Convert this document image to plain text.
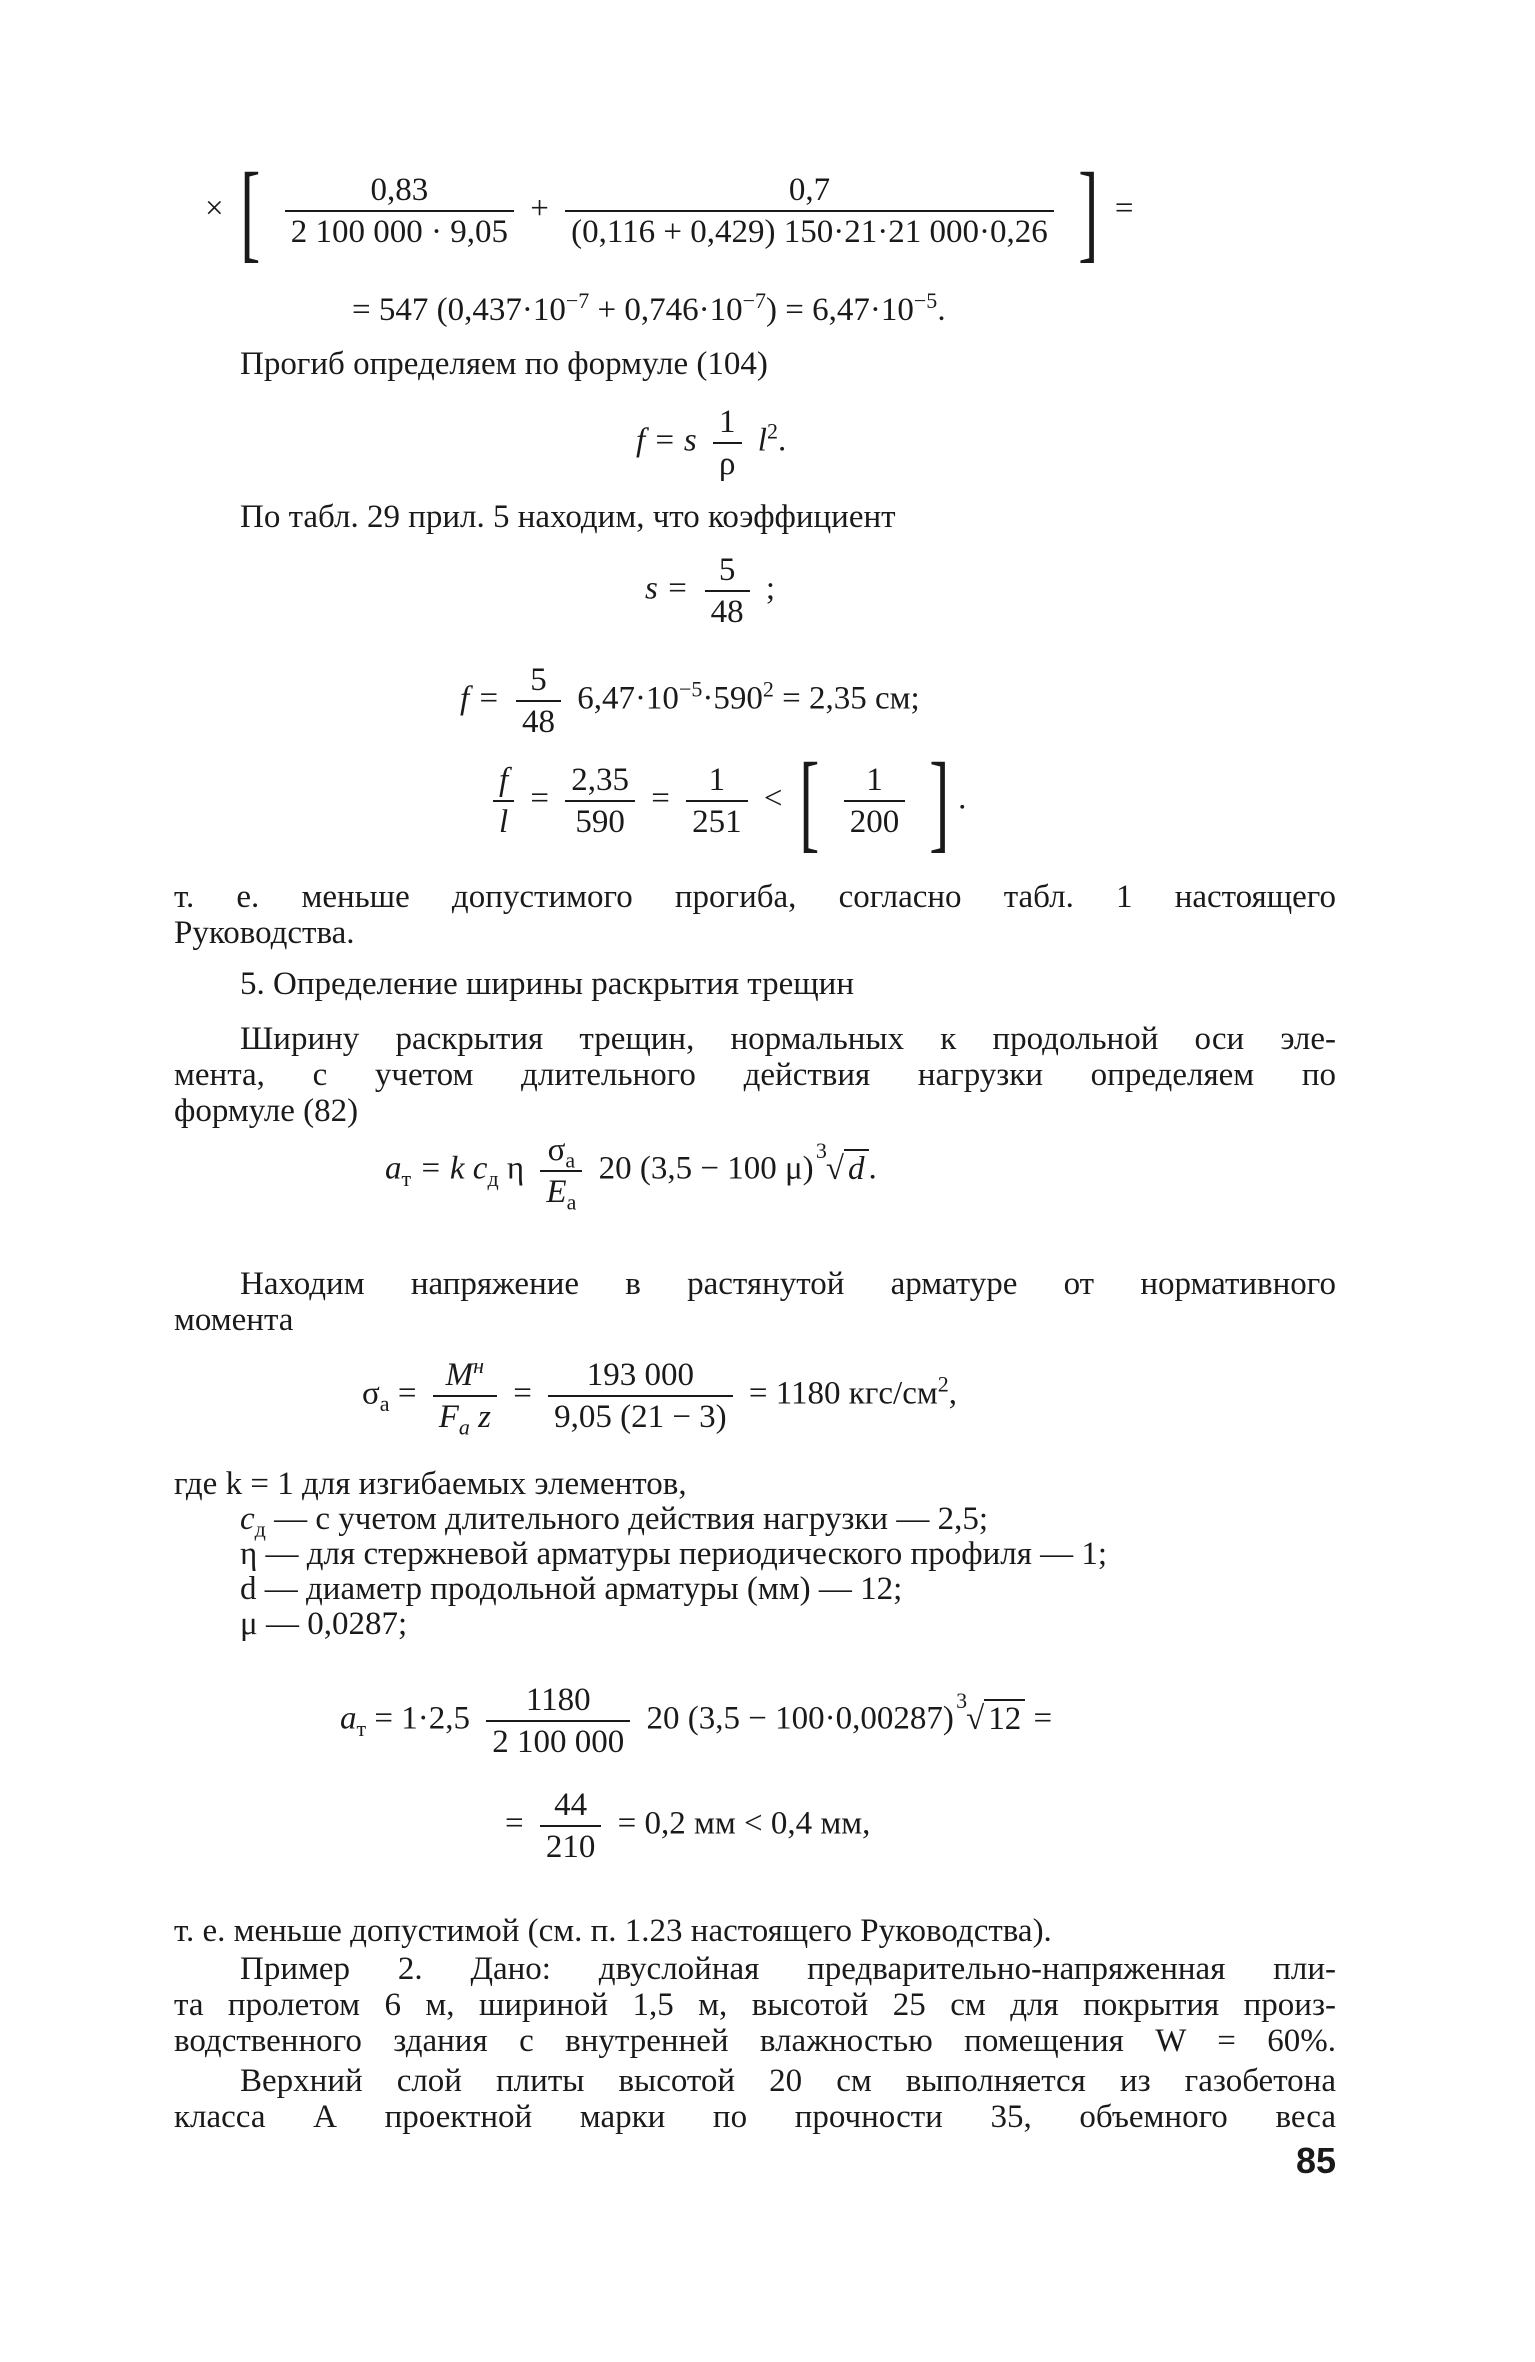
× [ $\frac{0,83}{2 100 000 \cdot 9,05} + \frac{0,7}{(0,116 + 0,429) 150\cdot 21\cdot 21 000\cdot 0,26}$ ] =
= 547 $(0,437\cdot 10^{-7} + 0,746\cdot 10^{-7}) = 6,47\cdot 10^{-5}$.
Прогиб определяем по формуле (104)
f = s $\frac{1}{\rho} l^2$.
По табл. 29 прил. 5 находим, что коэффициент
$s = \frac{5}{48}$ ;
$f = \frac{5}{48} 6,47\cdot 10^{-5}\cdot 590^2 = 2,35$ см;
$\frac{f}{l} = \frac{2,35}{590} = \frac{1}{251}$ < [ $\frac{1}{200}$ ] .
т. е. меньше допустимого прогиба, согласно табл. 1 настоящего
Руководства.
5. Определение ширины раскрытия трещин
Ширину раскрытия трещин, нормальных к продольной оси эле-
мента, с учетом длительного действия нагрузки определяем по
формуле (82)
$a_т = k$ $c_д$ η $\frac{\sigma_а}{E_а} 20$ (3,5 − 100 μ)
3
√ d .
Находим напряжение в растянутой арматуре от нормативного
момента
$\sigma_а = \frac{M^н}{F_а z} = \frac{193 000}{9,05 (21 - 3)} = 1180$ кгс/$см^2$,
где k = 1 для изгибаемых элементов,
$c_д$ — с учетом длительного действия нагрузки — 2,5;
η — для стержневой арматуры периодического профиля — 1;
d — диаметр продольной арматуры (мм) — 12;
μ — 0,0287;
$a_т = 1\cdot 2,5 \frac{1180}{2 100 000} 20$ (3,5 − 100·0,00287)
3
√ 12 =
= $\frac{44}{210} = 0,2$ мм < 0,4 мм,
т. е. меньше допустимой (см. п. 1.23 настоящего Руководства).
Пример 2. Дано: двуслойная предварительно-напряженная пли-
та пролетом 6 м, шириной 1,5 м, высотой 25 см для покрытия произ-
водственного здания с внутренней влажностью помещения W = 60%.
Верхний слой плиты высотой 20 см выполняется из газобетона
класса А проектной марки по прочности 35, объемного веса
85
